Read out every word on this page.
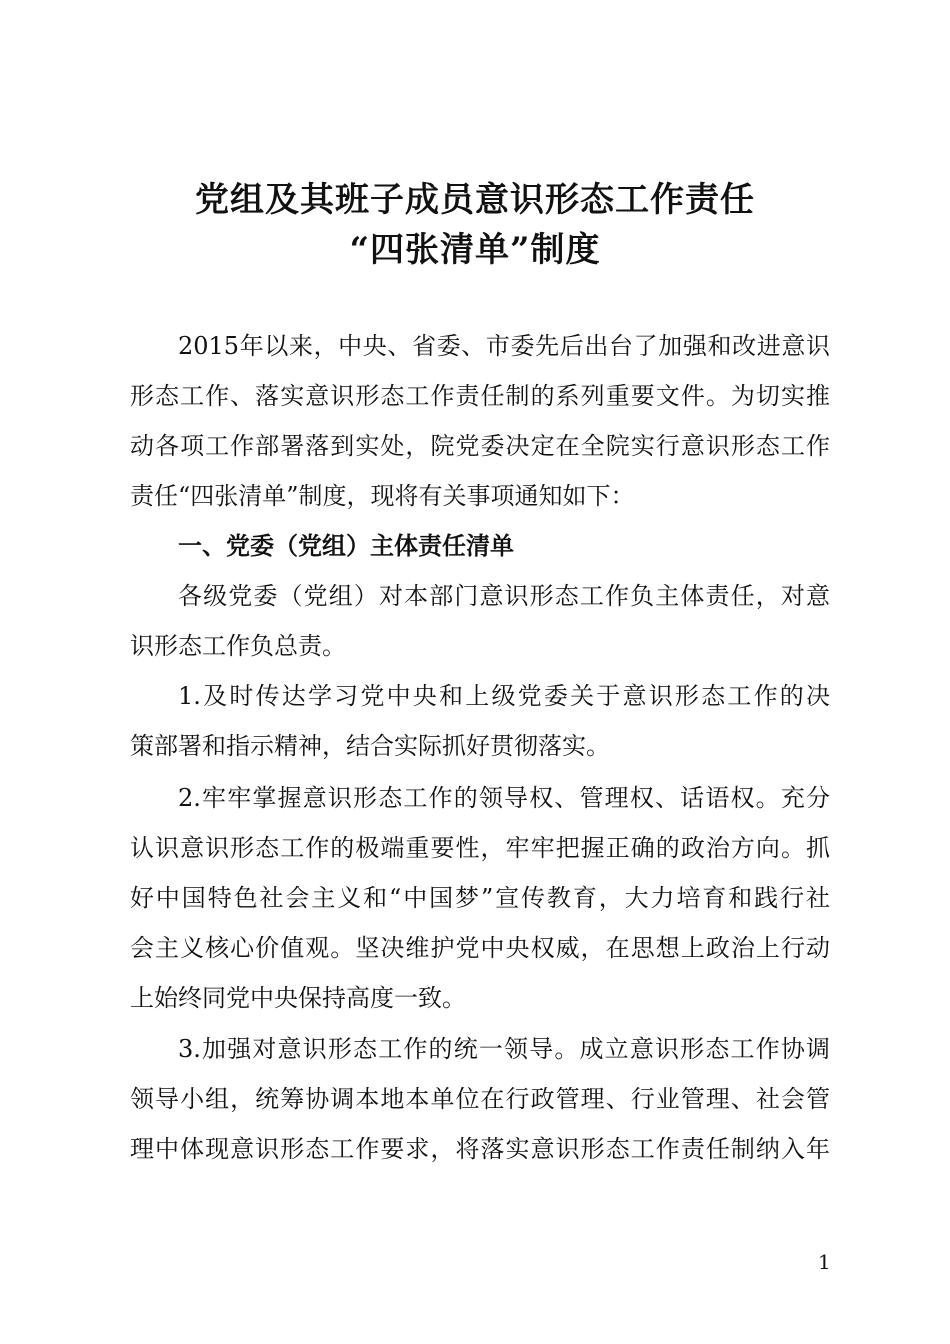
党组及其班子成员意识形态工作责任
“四张清单”制度
2015年以来，中央、省委、市委先后出台了加强和改进意识
形态工作、落实意识形态工作责任制的系列重要文件。为切实推
动各项工作部署落到实处，院党委决定在全院实行意识形态工作
责任“四张清单”制度，现将有关事项通知如下：
一、党委（党组）主体责任清单
各级党委（党组）对本部门意识形态工作负主体责任，对意
识形态工作负总责。
1.及时传达学习党中央和上级党委关于意识形态工作的决
策部署和指示精神，结合实际抓好贯彻落实。
2.牢牢掌握意识形态工作的领导权、管理权、话语权。充分
认识意识形态工作的极端重要性，牢牢把握正确的政治方向。抓
好中国特色社会主义和“中国梦”宣传教育，大力培育和践行社
会主义核心价值观。坚决维护党中央权威，在思想上政治上行动
上始终同党中央保持高度一致。
3.加强对意识形态工作的统一领导。成立意识形态工作协调
领导小组，统筹协调本地本单位在行政管理、行业管理、社会管
理中体现意识形态工作要求，将落实意识形态工作责任制纳入年
1
